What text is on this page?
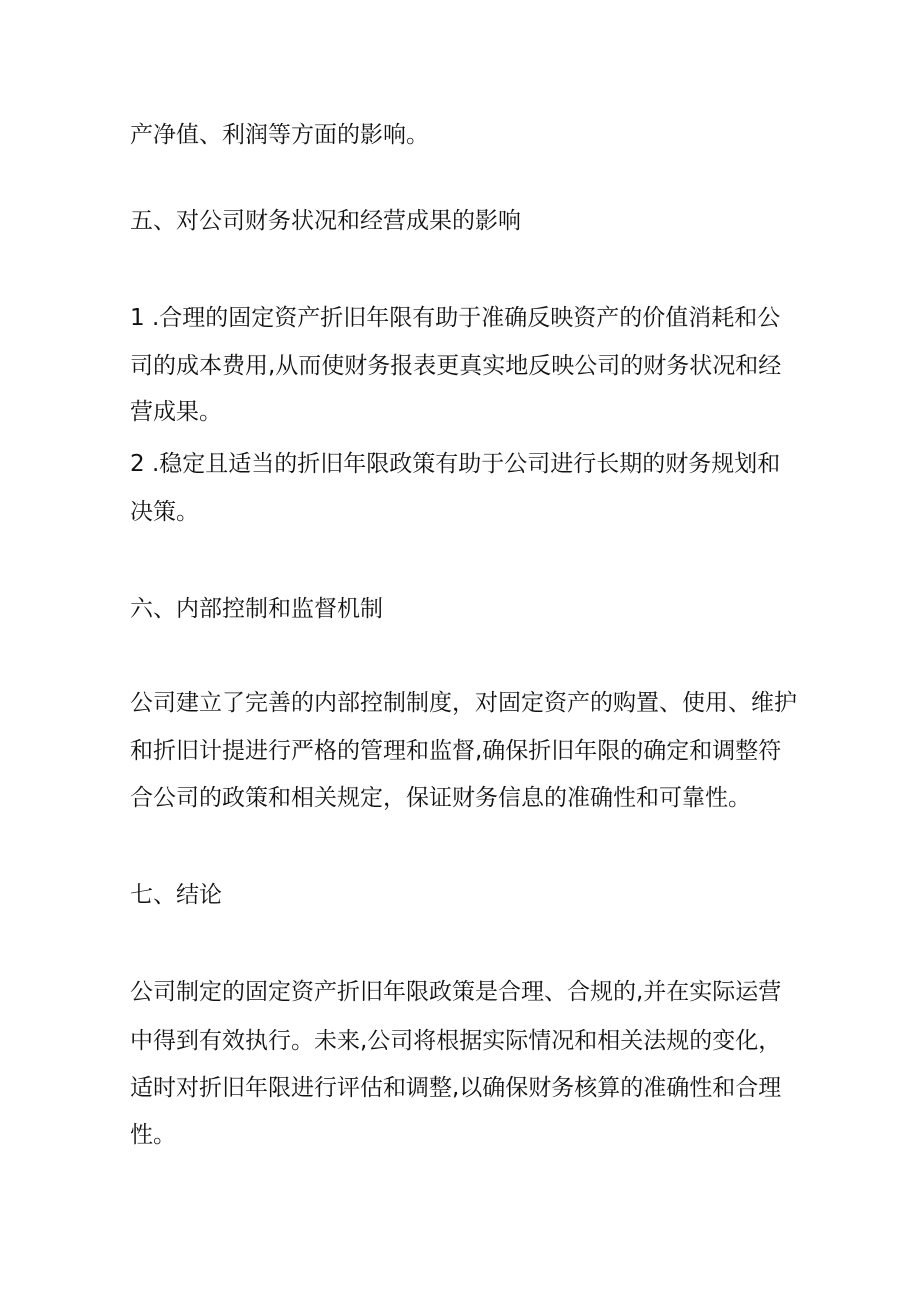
产净值、利润等方面的影响。
五、对公司财务状况和经营成果的影响
1 .合理的固定资产折旧年限有助于准确反映资产的价值消耗和公
司的成本费用,从而使财务报表更真实地反映公司的财务状况和经
营成果。
2 .稳定且适当的折旧年限政策有助于公司进行长期的财务规划和
决策。
六、内部控制和监督机制
公司建立了完善的内部控制制度，对固定资产的购置、使用、维护
和折旧计提进行严格的管理和监督,确保折旧年限的确定和调整符
合公司的政策和相关规定，保证财务信息的准确性和可靠性。
七、结论
公司制定的固定资产折旧年限政策是合理、合规的,并在实际运营
中得到有效执行。未来,公司将根据实际情况和相关法规的变化，
适时对折旧年限进行评估和调整,以确保财务核算的准确性和合理
性。
